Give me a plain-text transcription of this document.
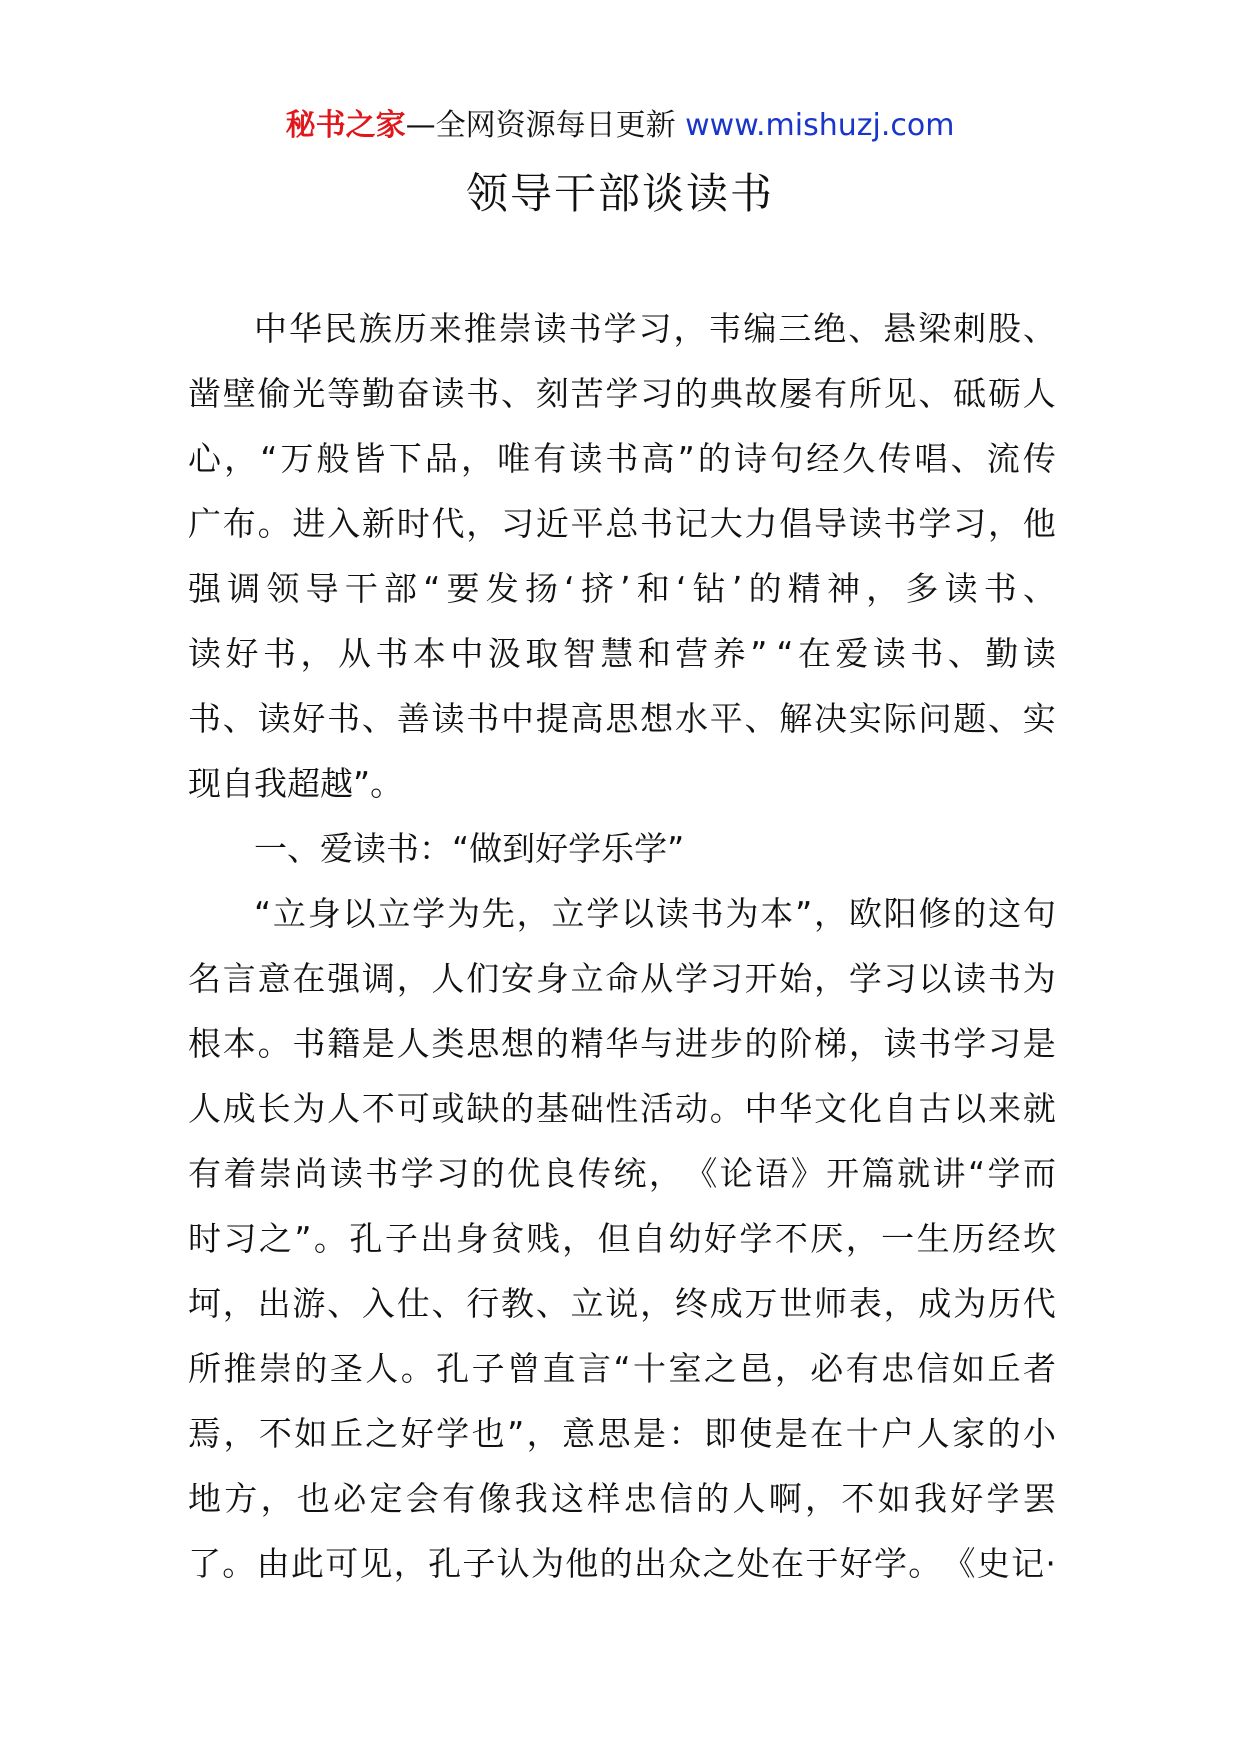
秘书之家—全网资源每日更新 www.mishuzj.com
领导干部谈读书
中 华 民 族 历 来 推 崇 读 书 学 习 ， 韦 编 三 绝 、 悬 梁 刺 股 、
凿 壁 偷 光 等 勤 奋 读 书 、 刻 苦 学 习 的 典 故 屡 有 所 见 、 砥 砺 人
心 ， “ 万 般 皆 下 品 ， 唯 有 读 书 高 ” 的 诗 句 经 久 传 唱 、 流 传
广 布 。 进 入 新 时 代 ， 习 近 平 总 书 记 大 力 倡 导 读 书 学 习 ， 他
强 调 领 导 干 部 “ 要 发 扬 ‘ 挤 ’ 和 ‘ 钻 ’ 的 精 神 ， 多 读 书 、
读 好 书 ， 从 书 本 中 汲 取 智 慧 和 营 养 ” “ 在 爱 读 书 、 勤 读
书 、 读 好 书 、 善 读 书 中 提 高 思 想 水 平 、 解 决 实 际 问 题 、 实
现自我超越”。
一、爱读书：“做到好学乐学”
“ 立 身 以 立 学 为 先 ， 立 学 以 读 书 为 本 ” ， 欧 阳 修 的 这 句
名 言 意 在 强 调 ， 人 们 安 身 立 命 从 学 习 开 始 ， 学 习 以 读 书 为
根 本 。 书 籍 是 人 类 思 想 的 精 华 与 进 步 的 阶 梯 ， 读 书 学 习 是
人 成 长 为 人 不 可 或 缺 的 基 础 性 活 动 。 中 华 文 化 自 古 以 来 就
有 着 崇 尚 读 书 学 习 的 优 良 传 统 ， 《 论 语 》 开 篇 就 讲 “ 学 而
时 习 之 ” 。 孔 子 出 身 贫 贱 ， 但 自 幼 好 学 不 厌 ， 一 生 历 经 坎
坷 ， 出 游 、 入 仕 、 行 教 、 立 说 ， 终 成 万 世 师 表 ， 成 为 历 代
所 推 崇 的 圣 人 。 孔 子 曾 直 言 “ 十 室 之 邑 ， 必 有 忠 信 如 丘 者
焉 ， 不 如 丘 之 好 学 也 ” ， 意 思 是 ： 即 使 是 在 十 户 人 家 的 小
地 方 ， 也 必 定 会 有 像 我 这 样 忠 信 的 人 啊 ， 不 如 我 好 学 罢
了 。 由 此 可 见 ， 孔 子 认 为 他 的 出 众 之 处 在 于 好 学 。 《 史 记 ·
